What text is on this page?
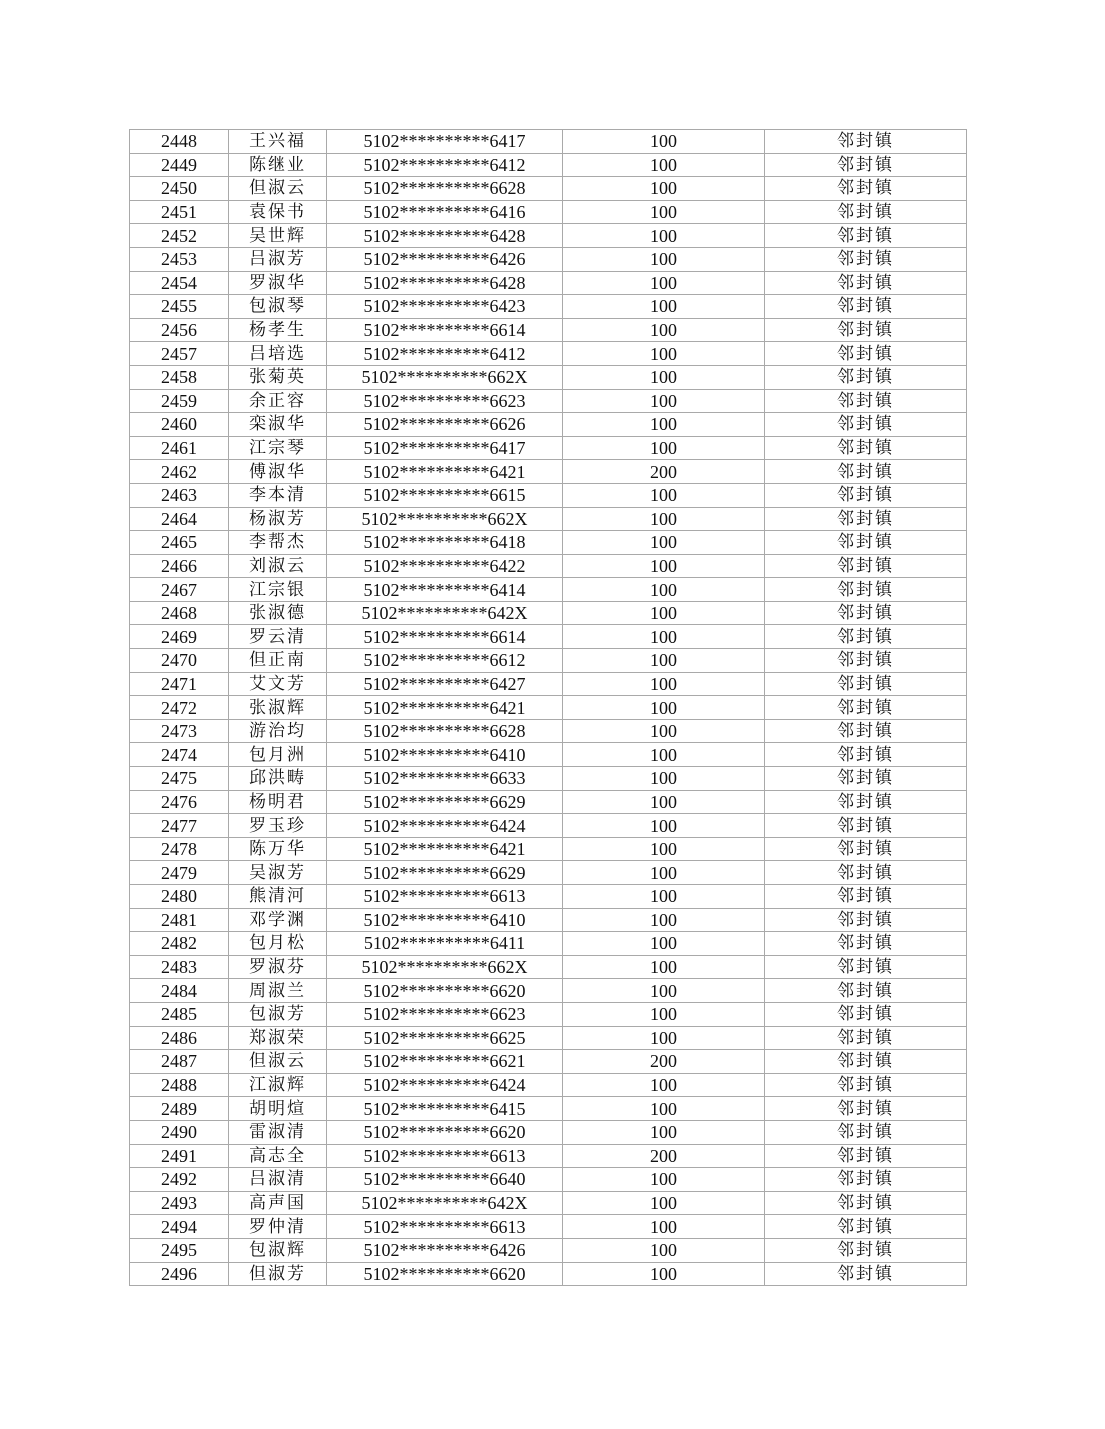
2448	王兴福	5102**********6417	100	邻封镇
2449	陈继业	5102**********6412	100	邻封镇
2450	但淑云	5102**********6628	100	邻封镇
2451	袁保书	5102**********6416	100	邻封镇
2452	吴世辉	5102**********6428	100	邻封镇
2453	吕淑芳	5102**********6426	100	邻封镇
2454	罗淑华	5102**********6428	100	邻封镇
2455	包淑琴	5102**********6423	100	邻封镇
2456	杨孝生	5102**********6614	100	邻封镇
2457	吕培选	5102**********6412	100	邻封镇
2458	张菊英	5102**********662X	100	邻封镇
2459	余正容	5102**********6623	100	邻封镇
2460	栾淑华	5102**********6626	100	邻封镇
2461	江宗琴	5102**********6417	100	邻封镇
2462	傅淑华	5102**********6421	200	邻封镇
2463	李本清	5102**********6615	100	邻封镇
2464	杨淑芳	5102**********662X	100	邻封镇
2465	李帮杰	5102**********6418	100	邻封镇
2466	刘淑云	5102**********6422	100	邻封镇
2467	江宗银	5102**********6414	100	邻封镇
2468	张淑德	5102**********642X	100	邻封镇
2469	罗云清	5102**********6614	100	邻封镇
2470	但正南	5102**********6612	100	邻封镇
2471	艾文芳	5102**********6427	100	邻封镇
2472	张淑辉	5102**********6421	100	邻封镇
2473	游治均	5102**********6628	100	邻封镇
2474	包月洲	5102**********6410	100	邻封镇
2475	邱洪畴	5102**********6633	100	邻封镇
2476	杨明君	5102**********6629	100	邻封镇
2477	罗玉珍	5102**********6424	100	邻封镇
2478	陈万华	5102**********6421	100	邻封镇
2479	吴淑芳	5102**********6629	100	邻封镇
2480	熊清河	5102**********6613	100	邻封镇
2481	邓学渊	5102**********6410	100	邻封镇
2482	包月松	5102**********6411	100	邻封镇
2483	罗淑芬	5102**********662X	100	邻封镇
2484	周淑兰	5102**********6620	100	邻封镇
2485	包淑芳	5102**********6623	100	邻封镇
2486	郑淑荣	5102**********6625	100	邻封镇
2487	但淑云	5102**********6621	200	邻封镇
2488	江淑辉	5102**********6424	100	邻封镇
2489	胡明煊	5102**********6415	100	邻封镇
2490	雷淑清	5102**********6620	100	邻封镇
2491	高志全	5102**********6613	200	邻封镇
2492	吕淑清	5102**********6640	100	邻封镇
2493	高声国	5102**********642X	100	邻封镇
2494	罗仲清	5102**********6613	100	邻封镇
2495	包淑辉	5102**********6426	100	邻封镇
2496	但淑芳	5102**********6620	100	邻封镇
